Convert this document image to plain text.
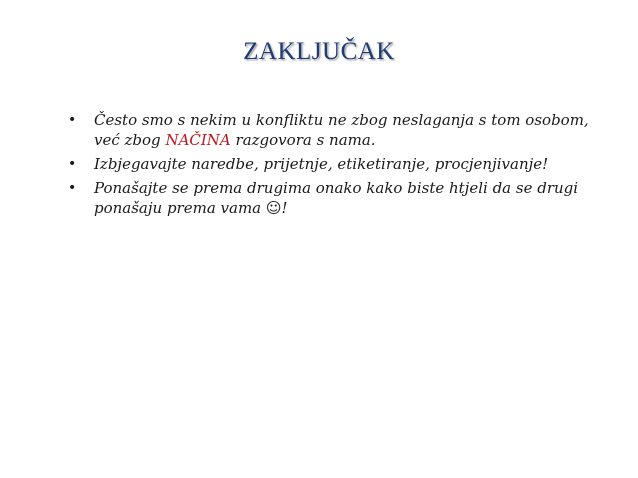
ZAKLJUČAK
• Često smo s nekim u konfliktu ne zbog neslaganja s tom osobom, već zbog NAČINA razgovora s nama.
• Izbjegavajte naredbe, prijetnje, etiketiranje, procjenjivanje!
• Ponašajte se prema drugima onako kako biste htjeli da se drugi ponašaju prema vama ☺!
